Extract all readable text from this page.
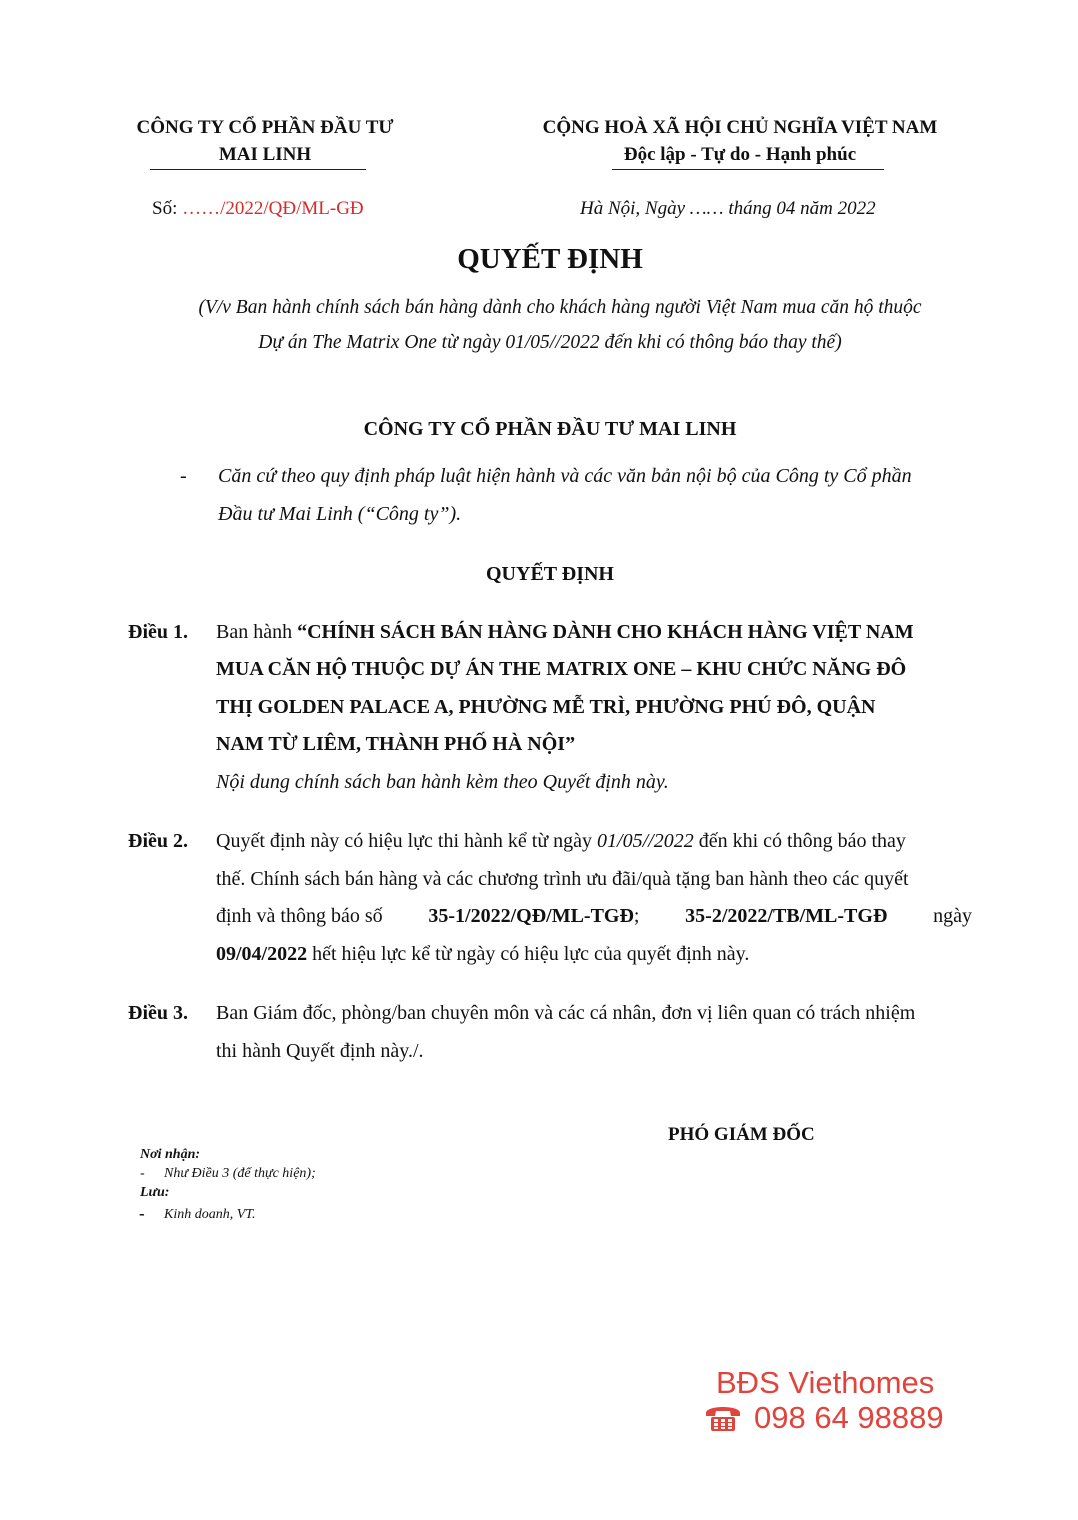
CÔNG TY CỔ PHẦN ĐẦU TƯ
MAI LINH
Số: ……/2022/QĐ/ML-GĐ
CỘNG HOÀ XÃ HỘI CHỦ NGHĨA VIỆT NAM
Độc lập - Tự do - Hạnh phúc
Hà Nội, Ngày …… tháng 04 năm 2022
QUYẾT ĐỊNH
(V/v Ban hành chính sách bán hàng dành cho khách hàng người Việt Nam mua căn hộ thuộc
Dự án The Matrix One từ ngày 01/05//2022 đến khi có thông báo thay thế)
CÔNG TY CỔ PHẦN ĐẦU TƯ MAI LINH
- Căn cứ theo quy định pháp luật hiện hành và các văn bản nội bộ của Công ty Cổ phần
Đầu tư Mai Linh (“Công ty”).
QUYẾT ĐỊNH
Điều 1. Ban hành “CHÍNH SÁCH BÁN HÀNG DÀNH CHO KHÁCH HÀNG VIỆT NAM
MUA CĂN HỘ THUỘC DỰ ÁN THE MATRIX ONE – KHU CHỨC NĂNG ĐÔ
THỊ GOLDEN PALACE A, PHƯỜNG MỄ TRÌ, PHƯỜNG PHÚ ĐÔ, QUẬN
NAM TỪ LIÊM, THÀNH PHỐ HÀ NỘI”
Nội dung chính sách ban hành kèm theo Quyết định này.
Điều 2. Quyết định này có hiệu lực thi hành kể từ ngày 01/05//2022 đến khi có thông báo thay
thế. Chính sách bán hàng và các chương trình ưu đãi/quà tặng ban hành theo các quyết
định và thông báo số 35-1/2022/QĐ/ML-TGĐ; 35-2/2022/TB/ML-TGĐ ngày
09/04/2022 hết hiệu lực kể từ ngày có hiệu lực của quyết định này.
Điều 3. Ban Giám đốc, phòng/ban chuyên môn và các cá nhân, đơn vị liên quan có trách nhiệm
thi hành Quyết định này./.
PHÓ GIÁM ĐỐC
Nơi nhận:
- Như Điều 3 (để thực hiện);
Lưu:
- Kinh doanh, VT.
BĐS Viethomes
098 64 98889
